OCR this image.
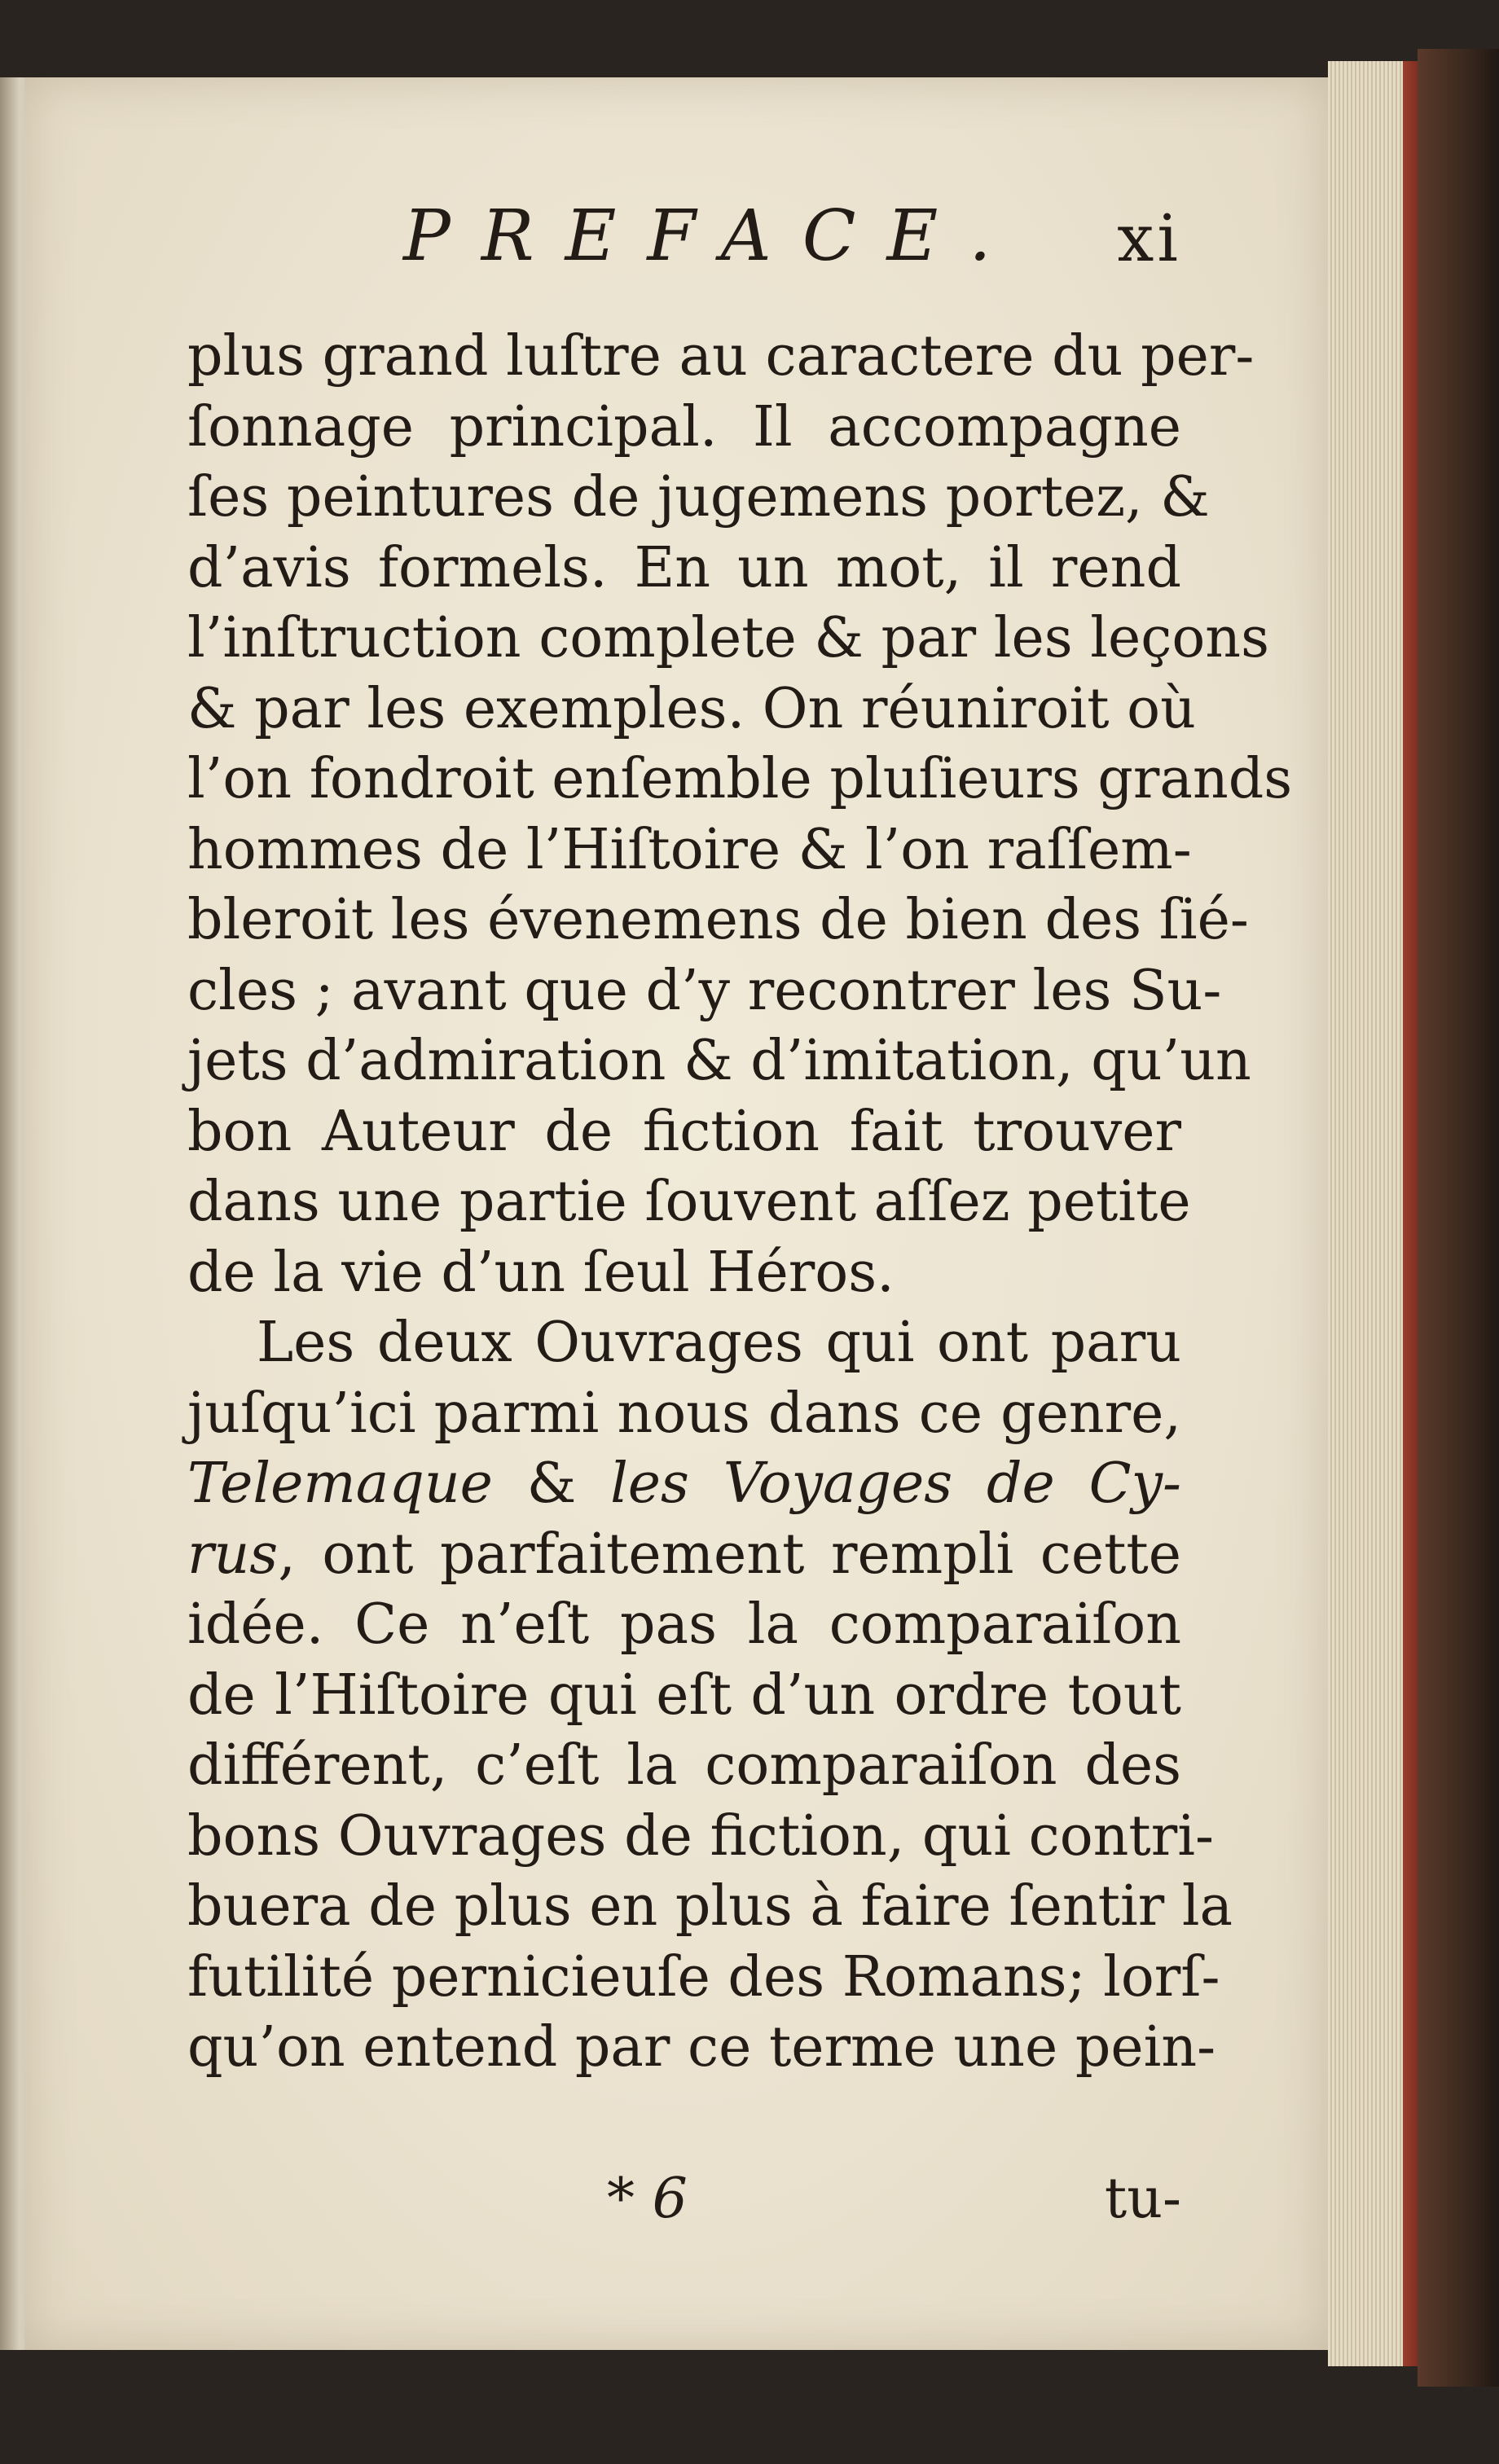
PREFACE. xi
plus grand luſtre au caractere du per-
ſonnage principal. Il accompagne
ſes peintures de jugemens portez, &
d’avis formels. En un mot, il rend
l’inſtruction complete & par les leçons
& par les exemples. On réuniroit où
l’on fondroit enſemble pluſieurs grands
hommes de l’Hiſtoire & l’on raſſem-
bleroit les évenemens de bien des ſié-
cles ; avant que d’y recontrer les Su-
jets d’admiration & d’imitation, qu’un
bon Auteur de fiction fait trouver
dans une partie ſouvent aſſez petite
de la vie d’un ſeul Héros.
Les deux Ouvrages qui ont paru
juſqu’ici parmi nous dans ce genre,
Telemaque & les Voyages de Cy-
rus, ont parfaitement rempli cette
idée. Ce n’eſt pas la comparaiſon
de l’Hiſtoire qui eſt d’un ordre tout
différent, c’eſt la comparaiſon des
bons Ouvrages de fiction, qui contri-
buera de plus en plus à faire ſentir la
futilité pernicieuſe des Romans; lorſ-
qu’on entend par ce terme une pein-
* 6	tu-
